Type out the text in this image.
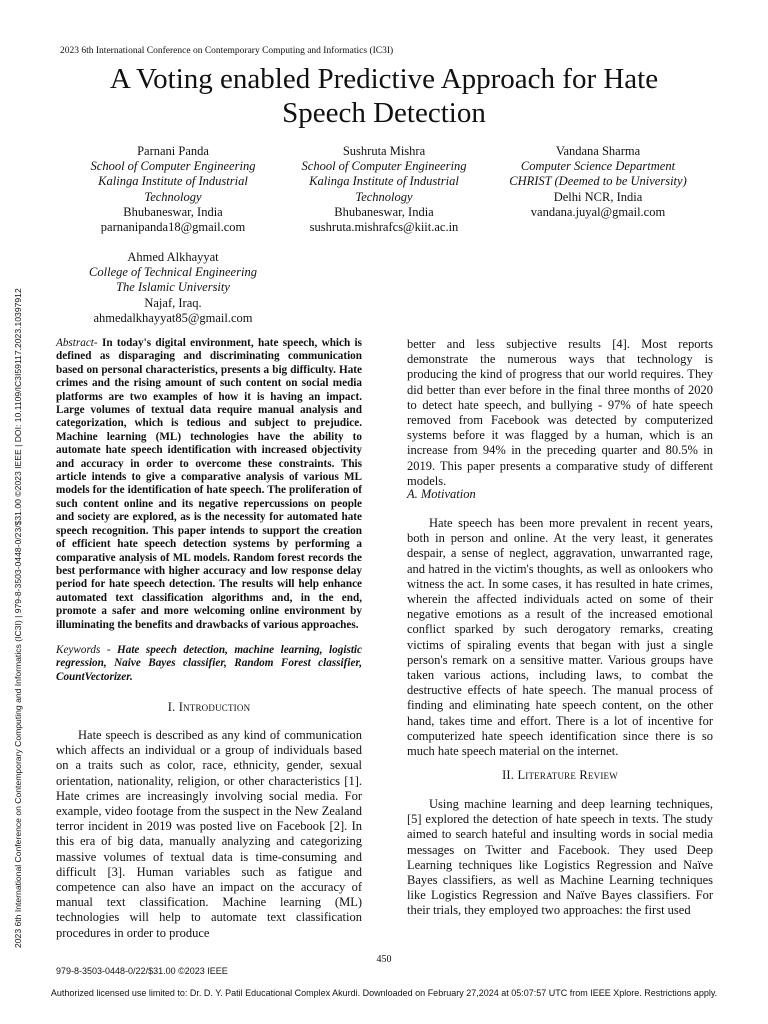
2023 6th International Conference on Contemporary Computing and Informatics (IC3I) | 979-8-3503-0448-0/23/$31.00 ©2023 IEEE | DOI: 10.1109/IC3I59117.2023.10397912
2023 6th International Conference on Contemporary Computing and Informatics (IC3I)
A Voting enabled Predictive Approach for Hate Speech Detection
Parnani Panda
School of Computer Engineering
Kalinga Institute of Industrial Technology
Bhubaneswar, India
parnanipanda18@gmail.com
Sushruta Mishra
School of Computer Engineering
Kalinga Institute of Industrial Technology
Bhubaneswar, India
sushruta.mishrafcs@kiit.ac.in
Vandana Sharma
Computer Science Department
CHRIST (Deemed to be University)
Delhi NCR, India
vandana.juyal@gmail.com
Ahmed Alkhayyat
College of Technical Engineering
The Islamic University
Najaf, Iraq.
ahmedalkhayyat85@gmail.com
Abstract- In today's digital environment, hate speech, which is defined as disparaging and discriminating communication based on personal characteristics, presents a big difficulty. Hate crimes and the rising amount of such content on social media platforms are two examples of how it is having an impact. Large volumes of textual data require manual analysis and categorization, which is tedious and subject to prejudice. Machine learning (ML) technologies have the ability to automate hate speech identification with increased objectivity and accuracy in order to overcome these constraints. This article intends to give a comparative analysis of various ML models for the identification of hate speech. The proliferation of such content online and its negative repercussions on people and society are explored, as is the necessity for automated hate speech recognition. This paper intends to support the creation of efficient hate speech detection systems by performing a comparative analysis of ML models. Random forest records the best performance with higher accuracy and low response delay period for hate speech detection. The results will help enhance automated text classification algorithms and, in the end, promote a safer and more welcoming online environment by illuminating the benefits and drawbacks of various approaches.
Keywords - Hate speech detection, machine learning, logistic regression, Naive Bayes classifier, Random Forest classifier, CountVectorizer.
I. Introduction
Hate speech is described as any kind of communication which affects an individual or a group of individuals based on a traits such as color, race, ethnicity, gender, sexual orientation, nationality, religion, or other characteristics [1]. Hate crimes are increasingly involving social media. For example, video footage from the suspect in the New Zealand terror incident in 2019 was posted live on Facebook [2]. In this era of big data, manually analyzing and categorizing massive volumes of textual data is time-consuming and difficult [3]. Human variables such as fatigue and competence can also have an impact on the accuracy of manual text classification. Machine learning (ML) technologies will help to automate text classification procedures in order to produce
better and less subjective results [4]. Most reports demonstrate the numerous ways that technology is producing the kind of progress that our world requires. They did better than ever before in the final three months of 2020 to detect hate speech, and bullying - 97% of hate speech removed from Facebook was detected by computerized systems before it was flagged by a human, which is an increase from 94% in the preceding quarter and 80.5% in 2019. This paper presents a comparative study of different models.
A. Motivation
Hate speech has been more prevalent in recent years, both in person and online. At the very least, it generates despair, a sense of neglect, aggravation, unwarranted rage, and hatred in the victim's thoughts, as well as onlookers who witness the act. In some cases, it has resulted in hate crimes, wherein the affected individuals acted on some of their negative emotions as a result of the increased emotional conflict sparked by such derogatory remarks, creating victims of spiraling events that began with just a single person's remark on a sensitive matter. Various groups have taken various actions, including laws, to combat the destructive effects of hate speech. The manual process of finding and eliminating hate speech content, on the other hand, takes time and effort. There is a lot of incentive for computerized hate speech identification since there is so much hate speech material on the internet.
II. Literature Review
Using machine learning and deep learning techniques, [5] explored the detection of hate speech in texts. The study aimed to search hateful and insulting words in social media messages on Twitter and Facebook. They used Deep Learning techniques like Logistics Regression and Naïve Bayes classifiers, as well as Machine Learning techniques like Logistics Regression and Naïve Bayes classifiers. For their trials, they employed two approaches: the first used
450
979-8-3503-0448-0/22/$31.00 ©2023 IEEE
Authorized licensed use limited to: Dr. D. Y. Patil Educational Complex Akurdi. Downloaded on February 27,2024 at 05:07:57 UTC from IEEE Xplore. Restrictions apply.
